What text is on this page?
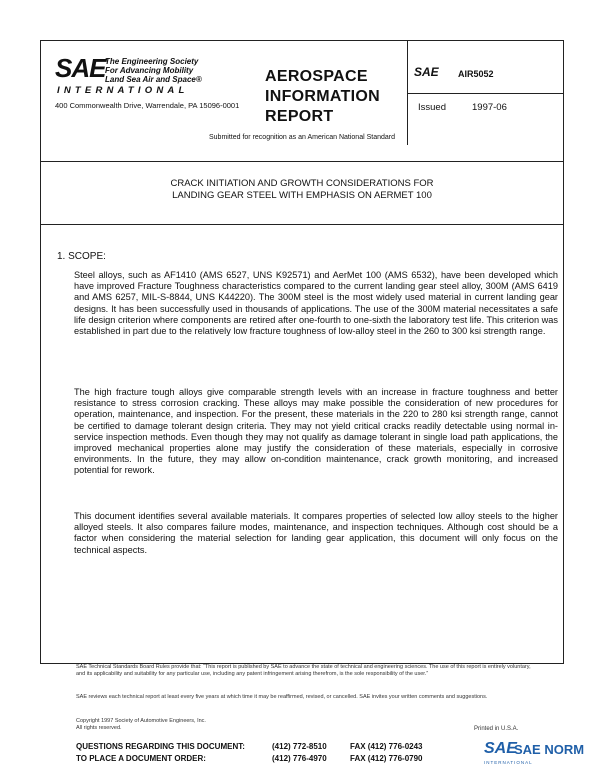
SAE The Engineering Society
For Advancing Mobility
Land Sea Air and Space®
INTERNATIONAL
400 Commonwealth Drive, Warrendale, PA 15096-0001
AEROSPACE
INFORMATION
REPORT
SAE AIR5052
Issued	1997-06
Submitted for recognition as an American National Standard
CRACK INITIATION AND GROWTH CONSIDERATIONS FOR
LANDING GEAR STEEL WITH EMPHASIS ON AERMET 100
1. SCOPE:
Steel alloys, such as AF1410 (AMS 6527, UNS K92571) and AerMet 100 (AMS 6532), have been developed which have improved Fracture Toughness characteristics compared to the current landing gear steel alloy, 300M (AMS 6419 and AMS 6257, MIL-S-8844, UNS K44220). The 300M steel is the most widely used material in current landing gear designs. It has been successfully used in thousands of applications. The use of the 300M material necessitates a safe life design criterion where components are retired after one-fourth to one-sixth the laboratory test life. This criterion was established in part due to the relatively low fracture toughness of low-alloy steel in the 260 to 300 ksi strength range.
The high fracture tough alloys give comparable strength levels with an increase in fracture toughness and better resistance to stress corrosion cracking. These alloys may make possible the consideration of new procedures for operation, maintenance, and inspection. For the present, these materials in the 220 to 280 ksi strength range, cannot be certified to damage tolerant design criteria. They may not yield critical cracks readily detectable using normal in-service inspection methods. Even though they may not qualify as damage tolerant in single load path applications, the improved mechanical properties alone may justify the consideration of these materials, especially in corrosive environments. In the future, they may allow on-condition maintenance, crack growth monitoring, and increased potential for rework.
This document identifies several available materials. It compares properties of selected low alloy steels to the higher alloyed steels. It also compares failure modes, maintenance, and inspection techniques. Although cost should be a factor when considering the material selection for landing gear application, this document will only focus on the technical aspects.
SAE Technical Standards Board Rules provide that: “This report is published by SAE to advance the state of technical and engineering sciences. The use of this report is entirely voluntary, and its applicability and suitability for any particular use, including any patent infringement arising therefrom, is the sole responsibility of the user.”
SAE reviews each technical report at least every five years at which time it may be reaffirmed, revised, or cancelled. SAE invites your written comments and suggestions.
Copyright 1997 Society of Automotive Engineers, Inc.
All rights reserved.	Printed in U.S.A.
QUESTIONS REGARDING THIS DOCUMENT:	(412) 772-8510	FAX (412) 776-0243
TO PLACE A DOCUMENT ORDER:	(412) 776-4970	FAX (412) 776-0790
SAE
SAE NORM
INTERNATIONAL
